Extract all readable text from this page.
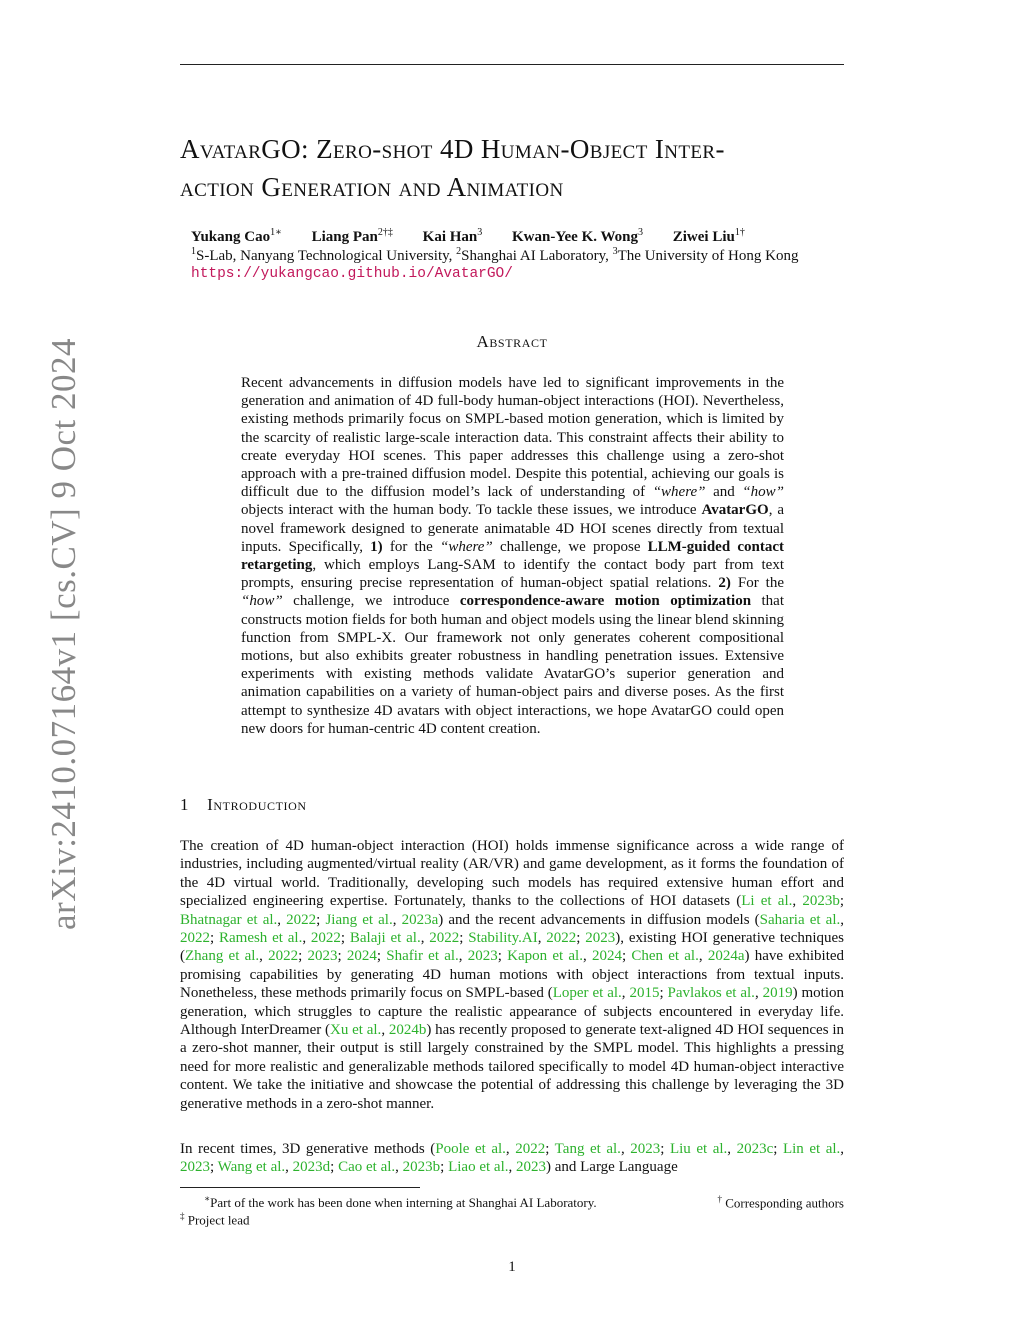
arXiv:2410.07164v1 [cs.CV] 9 Oct 2024
AvatarGO: Zero-shot 4D Human-Object Inter-
action Generation and Animation
Yukang Cao$^{1∗}$ Liang Pan$^{2\dagger\ddagger}$ Kai Han$^3$ Kwan-Yee K. Wong$^3$ Ziwei Liu$^{1\dagger}$
$^1$S-Lab, Nanyang Technological University, $^2$Shanghai AI Laboratory, $^3$The University of Hong Kong
https://yukangcao.github.io/AvatarGO/
Abstract

Recent advancements in diffusion models have led to significant improvements in the generation and animation of 4D full-body human-object interactions (HOI). Nevertheless, existing methods primarily focus on SMPL-based motion generation, which is limited by the scarcity of realistic large-scale interaction data. This constraint affects their ability to create everyday HOI scenes. This paper addresses this challenge using a zero-shot approach with a pre-trained diffusion model. Despite this potential, achieving our goals is difficult due to the diffusion model’s lack of understanding of “where” and “how” objects interact with the human body. To tackle these issues, we introduce AvatarGO, a novel framework designed to generate animatable 4D HOI scenes directly from textual inputs. Specifically, 1) for the “where” challenge, we propose LLM-guided contact retargeting, which employs Lang-SAM to identify the contact body part from text prompts, ensuring precise representation of human-object spatial relations. 2) For the “how” challenge, we introduce correspondence-aware motion optimization that constructs motion fields for both human and object models using the linear blend skinning function from SMPL-X. Our framework not only generates coherent compositional motions, but also exhibits greater robustness in handling penetration issues. Extensive experiments with existing methods validate AvatarGO’s superior generation and animation capabilities on a variety of human-object pairs and diverse poses. As the first attempt to synthesize 4D avatars with object interactions, we hope AvatarGO could open new doors for human-centric 4D content creation.

1 Introduction

The creation of 4D human-object interaction (HOI) holds immense significance across a wide range of industries, including augmented/virtual reality (AR/VR) and game development, as it forms the foundation of the 4D virtual world. Traditionally, developing such models has required extensive human effort and specialized engineering expertise. Fortunately, thanks to the collections of HOI datasets (Li et al., 2023b; Bhatnagar et al., 2022; Jiang et al., 2023a) and the recent advancements in diffusion models (Saharia et al., 2022; Ramesh et al., 2022; Balaji et al., 2022; Stability.AI, 2022; 2023), existing HOI generative techniques (Zhang et al., 2022; 2023; 2024; Shafir et al., 2023; Kapon et al., 2024; Chen et al., 2024a) have exhibited promising capabilities by generating 4D human motions with object interactions from textual inputs. Nonetheless, these methods primarily focus on SMPL-based (Loper et al., 2015; Pavlakos et al., 2019) motion generation, which struggles to capture the realistic appearance of subjects encountered in everyday life. Although InterDreamer (Xu et al., 2024b) has recently proposed to generate text-aligned 4D HOI sequences in a zero-shot manner, their output is still largely constrained by the SMPL model. This highlights a pressing need for more realistic and generalizable methods tailored specifically to model 4D human-object interactive content. We take the initiative and showcase the potential of addressing this challenge by leveraging the 3D generative methods in a zero-shot manner.

In recent times, 3D generative methods (Poole et al., 2022; Tang et al., 2023; Liu et al., 2023c; Lin et al., 2023; Wang et al., 2023d; Cao et al., 2023b; Liao et al., 2023) and Large Language

∗Part of the work has been done when interning at Shanghai AI Laboratory.	† Corresponding authors
‡ Project lead
1
